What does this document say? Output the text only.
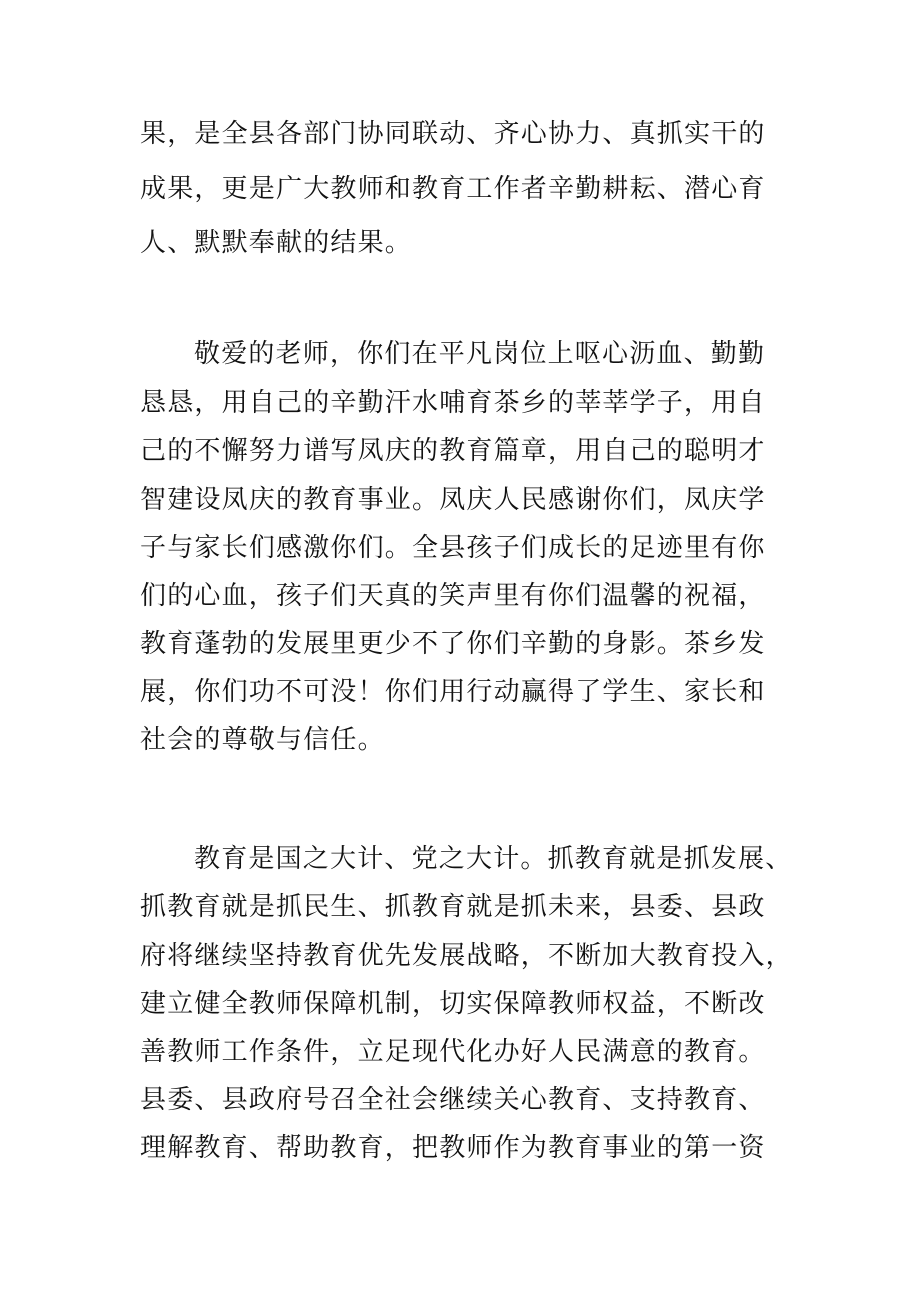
果，是全县各部门协同联动、齐心协力、真抓实干的

成果，更是广大教师和教育工作者辛勤耕耘、潜心育

人、默默奉献的结果。

敬爱的老师，你们在平凡岗位上呕心沥血、勤勤

恳恳，用自己的辛勤汗水哺育茶乡的莘莘学子，用自

己的不懈努力谱写凤庆的教育篇章，用自己的聪明才

智建设凤庆的教育事业。凤庆人民感谢你们，凤庆学

子与家长们感激你们。全县孩子们成长的足迹里有你

们的心血，孩子们天真的笑声里有你们温馨的祝福，

教育蓬勃的发展里更少不了你们辛勤的身影。茶乡发

展，你们功不可没！你们用行动赢得了学生、家长和

社会的尊敬与信任。

教育是国之大计、党之大计。抓教育就是抓发展、

抓教育就是抓民生、抓教育就是抓未来，县委、县政

府将继续坚持教育优先发展战略，不断加大教育投入，

建立健全教师保障机制，切实保障教师权益，不断改

善教师工作条件，立足现代化办好人民满意的教育。

县委、县政府号召全社会继续关心教育、支持教育、

理解教育、帮助教育，把教师作为教育事业的第一资
